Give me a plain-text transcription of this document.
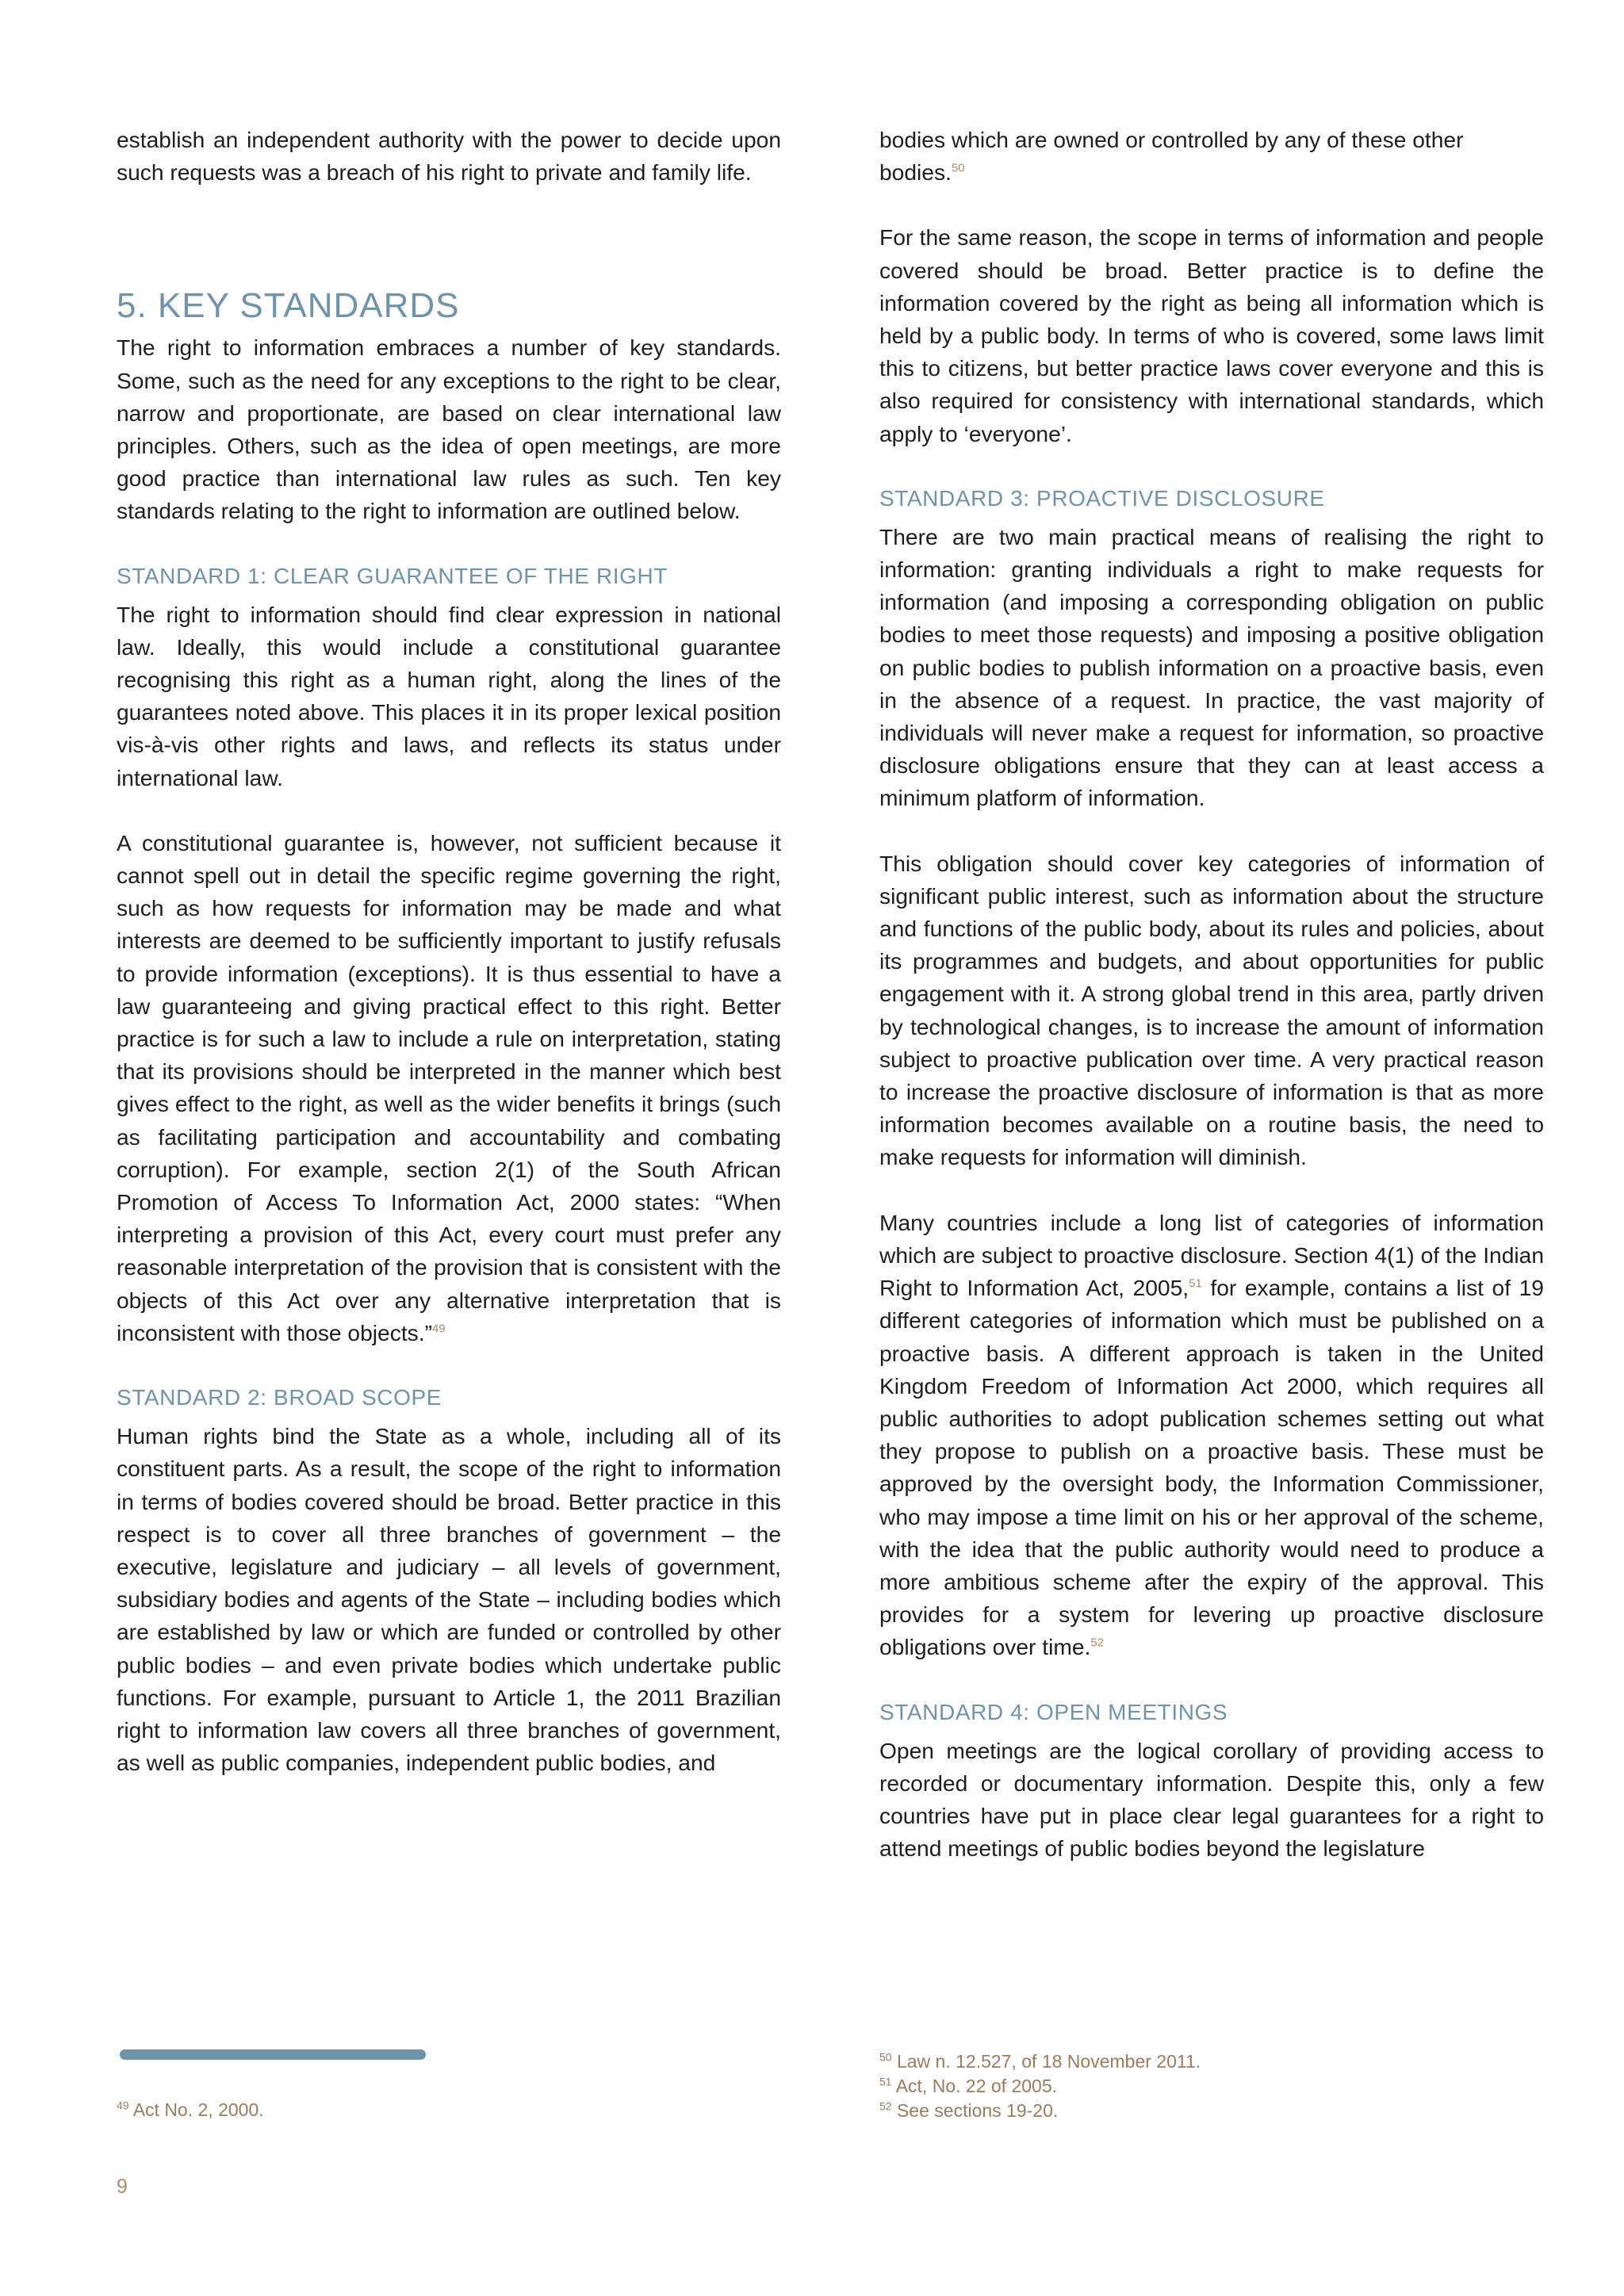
establish an independent authority with the power to decide upon such requests was a breach of his right to private and family life.

5. KEY STANDARDS

The right to information embraces a number of key standards. Some, such as the need for any exceptions to the right to be clear, narrow and proportionate, are based on clear international law principles. Others, such as the idea of open meetings, are more good practice than international law rules as such. Ten key standards relating to the right to information are outlined below.

STANDARD 1: CLEAR GUARANTEE OF THE RIGHT

The right to information should find clear expression in national law. Ideally, this would include a constitutional guarantee recognising this right as a human right, along the lines of the guarantees noted above. This places it in its proper lexical position vis-à-vis other rights and laws, and reflects its status under international law.

A constitutional guarantee is, however, not sufficient because it cannot spell out in detail the specific regime governing the right, such as how requests for information may be made and what interests are deemed to be sufficiently important to justify refusals to provide information (exceptions). It is thus essential to have a law guaranteeing and giving practical effect to this right. Better practice is for such a law to include a rule on interpretation, stating that its provisions should be interpreted in the manner which best gives effect to the right, as well as the wider benefits it brings (such as facilitating participation and accountability and combating corruption). For example, section 2(1) of the South African Promotion of Access To Information Act, 2000 states: “When interpreting a provision of this Act, every court must prefer any reasonable interpretation of the provision that is consistent with the objects of this Act over any alternative interpretation that is inconsistent with those objects.”$^{49}$

STANDARD 2: BROAD SCOPE

Human rights bind the State as a whole, including all of its constituent parts. As a result, the scope of the right to information in terms of bodies covered should be broad. Better practice in this respect is to cover all three branches of government – the executive, legislature and judiciary – all levels of government, subsidiary bodies and agents of the State – including bodies which are established by law or which are funded or controlled by other public bodies – and even private bodies which undertake public functions. For example, pursuant to Article 1, the 2011 Brazilian right to information law covers all three branches of government, as well as public companies, independent public bodies, and

bodies which are owned or controlled by any of these other bodies.$^{50}$

For the same reason, the scope in terms of information and people covered should be broad. Better practice is to define the information covered by the right as being all information which is held by a public body. In terms of who is covered, some laws limit this to citizens, but better practice laws cover everyone and this is also required for consistency with international standards, which apply to ‘everyone’.

STANDARD 3: PROACTIVE DISCLOSURE

There are two main practical means of realising the right to information: granting individuals a right to make requests for information (and imposing a corresponding obligation on public bodies to meet those requests) and imposing a positive obligation on public bodies to publish information on a proactive basis, even in the absence of a request. In practice, the vast majority of individuals will never make a request for information, so proactive disclosure obligations ensure that they can at least access a minimum platform of information.

This obligation should cover key categories of information of significant public interest, such as information about the structure and functions of the public body, about its rules and policies, about its programmes and budgets, and about opportunities for public engagement with it. A strong global trend in this area, partly driven by technological changes, is to increase the amount of information subject to proactive publication over time. A very practical reason to increase the proactive disclosure of information is that as more information becomes available on a routine basis, the need to make requests for information will diminish.

Many countries include a long list of categories of information which are subject to proactive disclosure. Section 4(1) of the Indian Right to Information Act, 2005,51 for example, contains a list of 19 different categories of information which must be published on a proactive basis. A different approach is taken in the United Kingdom Freedom of Information Act 2000, which requires all public authorities to adopt publication schemes setting out what they propose to publish on a proactive basis. These must be approved by the oversight body, the Information Commissioner, who may impose a time limit on his or her approval of the scheme, with the idea that the public authority would need to produce a more ambitious scheme after the expiry of the approval. This provides for a system for levering up proactive disclosure obligations over time.$^{52}$

STANDARD 4: OPEN MEETINGS

Open meetings are the logical corollary of providing access to recorded or documentary information. Despite this, only a few countries have put in place clear legal guarantees for a right to attend meetings of public bodies beyond the legislature

$^{49}$ Act No. 2, 2000.
$^{50}$ Law n. 12.527, of 18 November 2011.
$^{51}$ Act, No. 22 of 2005.
$^{52}$ See sections 19-20.
9
